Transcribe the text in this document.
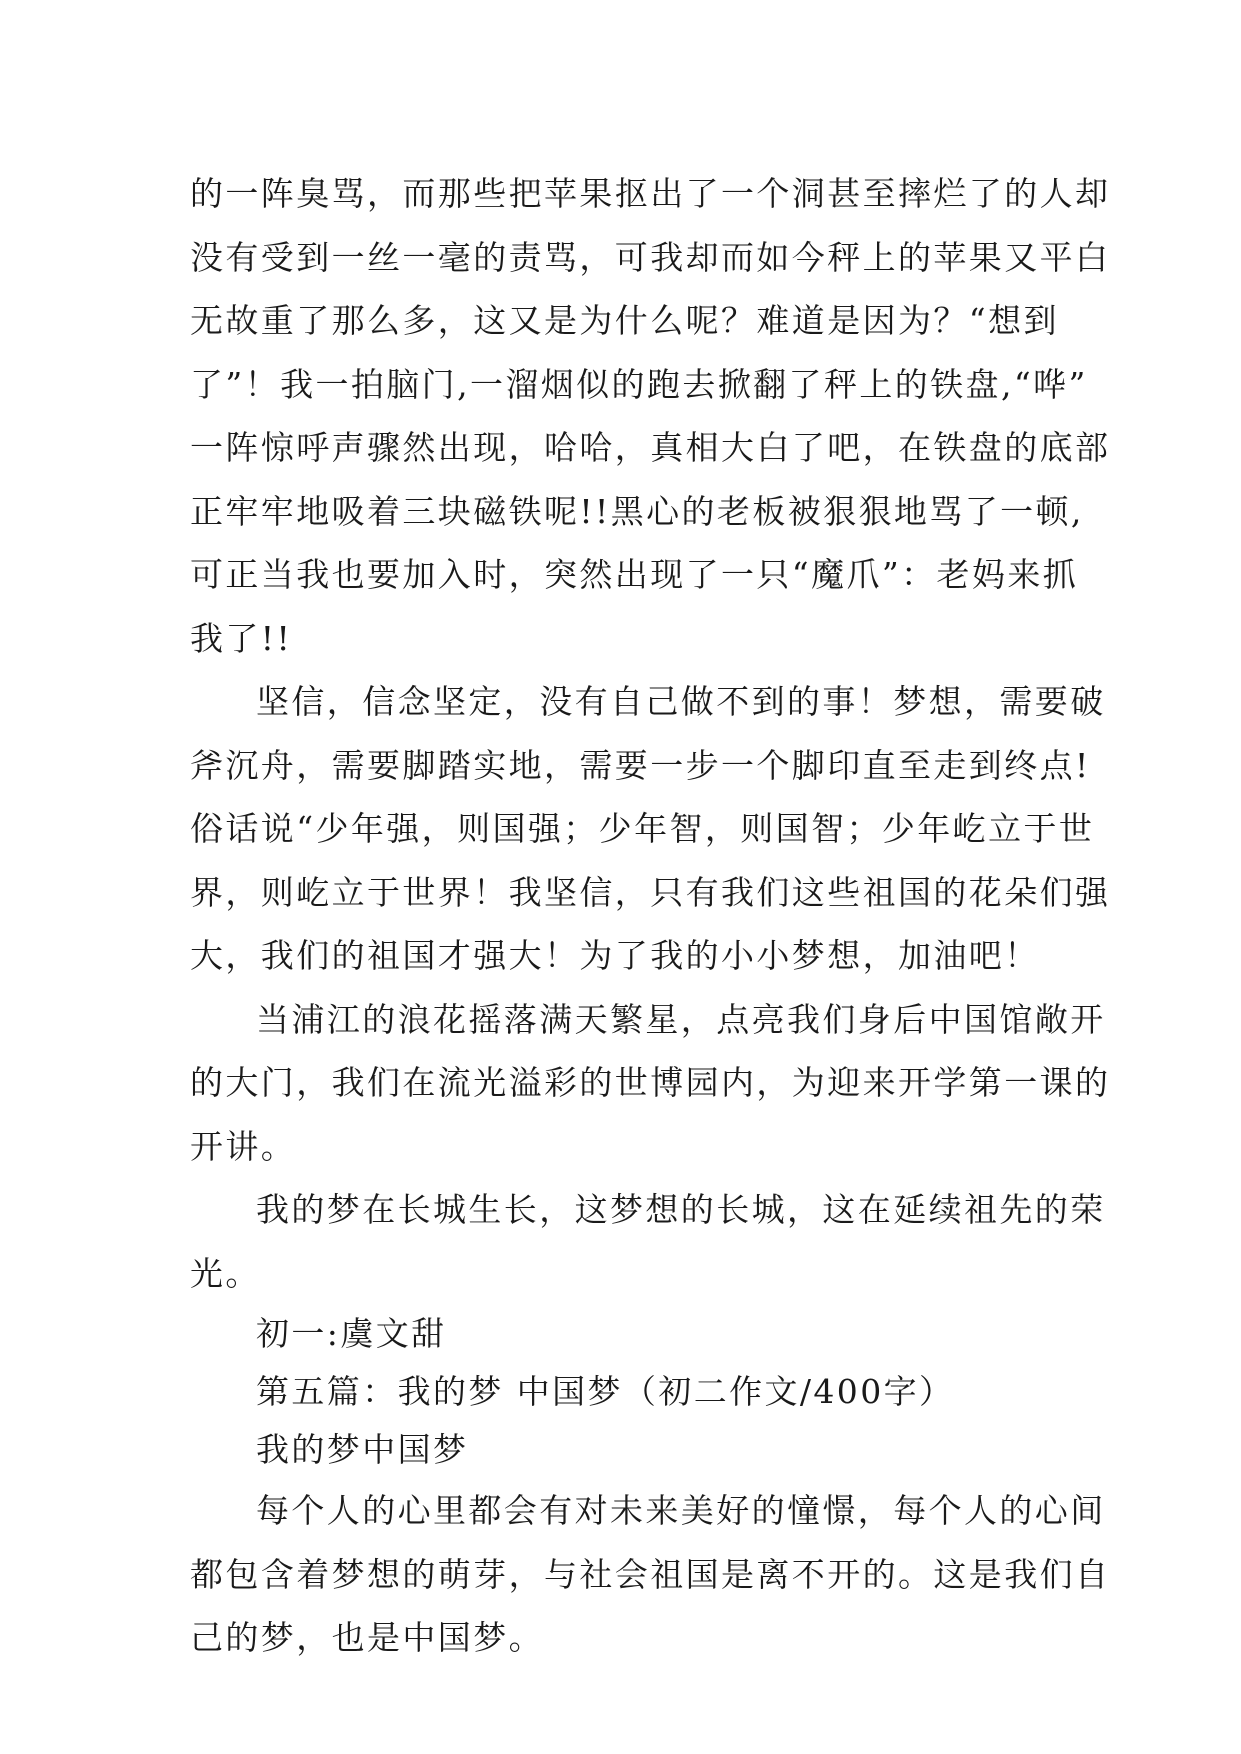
的一阵臭骂，而那些把苹果抠出了一个洞甚至摔烂了的人却
没有受到一丝一毫的责骂，可我却而如今秤上的苹果又平白
无故重了那么多，这又是为什么呢？难道是因为？“想到
了”！我一拍脑门,一溜烟似的跑去掀翻了秤上的铁盘,“哗”
一阵惊呼声骤然出现，哈哈，真相大白了吧，在铁盘的底部
正牢牢地吸着三块磁铁呢!!黑心的老板被狠狠地骂了一顿,
可正当我也要加入时，突然出现了一只“魔爪”：老妈来抓
我了!!
坚信，信念坚定，没有自己做不到的事！梦想，需要破
斧沉舟，需要脚踏实地，需要一步一个脚印直至走到终点!
俗话说“少年强，则国强；少年智，则国智；少年屹立于世
界，则屹立于世界！我坚信，只有我们这些祖国的花朵们强
大，我们的祖国才强大！为了我的小小梦想，加油吧！
当浦江的浪花摇落满天繁星，点亮我们身后中国馆敞开
的大门，我们在流光溢彩的世博园内，为迎来开学第一课的
开讲。
我的梦在长城生长，这梦想的长城，这在延续祖先的荣
光。
初一:虞文甜
第五篇：我的梦 中国梦（初二作文/400字）
我的梦中国梦
每个人的心里都会有对未来美好的憧憬，每个人的心间
都包含着梦想的萌芽，与社会祖国是离不开的。这是我们自
己的梦，也是中国梦。
